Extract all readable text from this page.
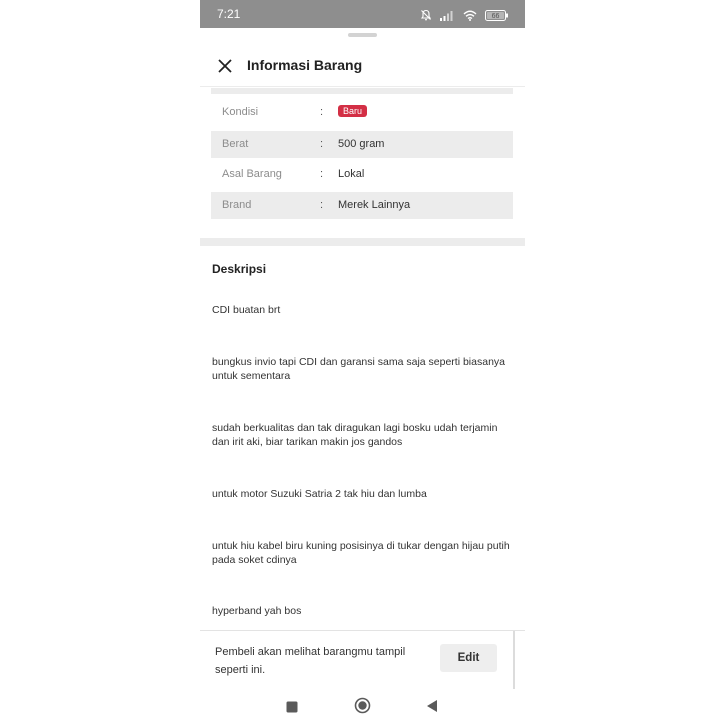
7:21
	66
Informasi Barang
Kondisi	:	Baru
Berat	: 500 gram
Asal Barang	: Lokal
Brand	: Merek Lainnya
Deskripsi

CDI buatan brt

bungkus invio tapi CDI dan garansi sama saja seperti biasanya untuk sementara

sudah berkualitas dan tak diragukan lagi bosku udah terjamin dan irit aki, biar tarikan makin jos gandos

untuk motor Suzuki Satria 2 tak hiu dan lumba

untuk hiu kabel biru kuning posisinya di tukar dengan hijau putih pada soket cdinya

hyperband yah bos

Pembeli akan melihat barangmu tampil seperti ini.
Edit
